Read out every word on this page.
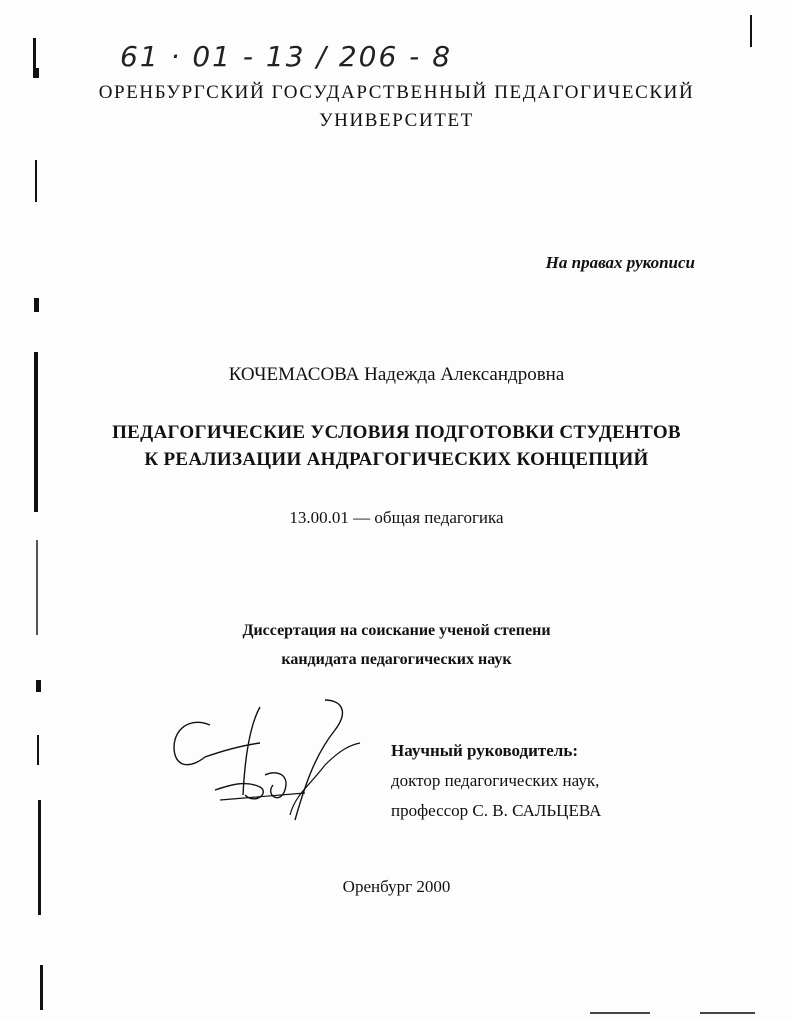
61 · 01 - 13 / 206 - 8
ОРЕНБУРГСКИЙ ГОСУДАРСТВЕННЫЙ ПЕДАГОГИЧЕСКИЙ
УНИВЕРСИТЕТ
На правах рукописи
КОЧЕМАСОВА Надежда Александровна
ПЕДАГОГИЧЕСКИЕ УСЛОВИЯ ПОДГОТОВКИ СТУДЕНТОВ
К РЕАЛИЗАЦИИ АНДРАГОГИЧЕСКИХ КОНЦЕПЦИЙ
13.00.01 — общая педагогика
Диссертация на соискание ученой степени
кандидата педагогических наук
Научный руководитель:
доктор педагогических наук,
профессор С. В. САЛЬЦЕВА
Оренбург 2000
